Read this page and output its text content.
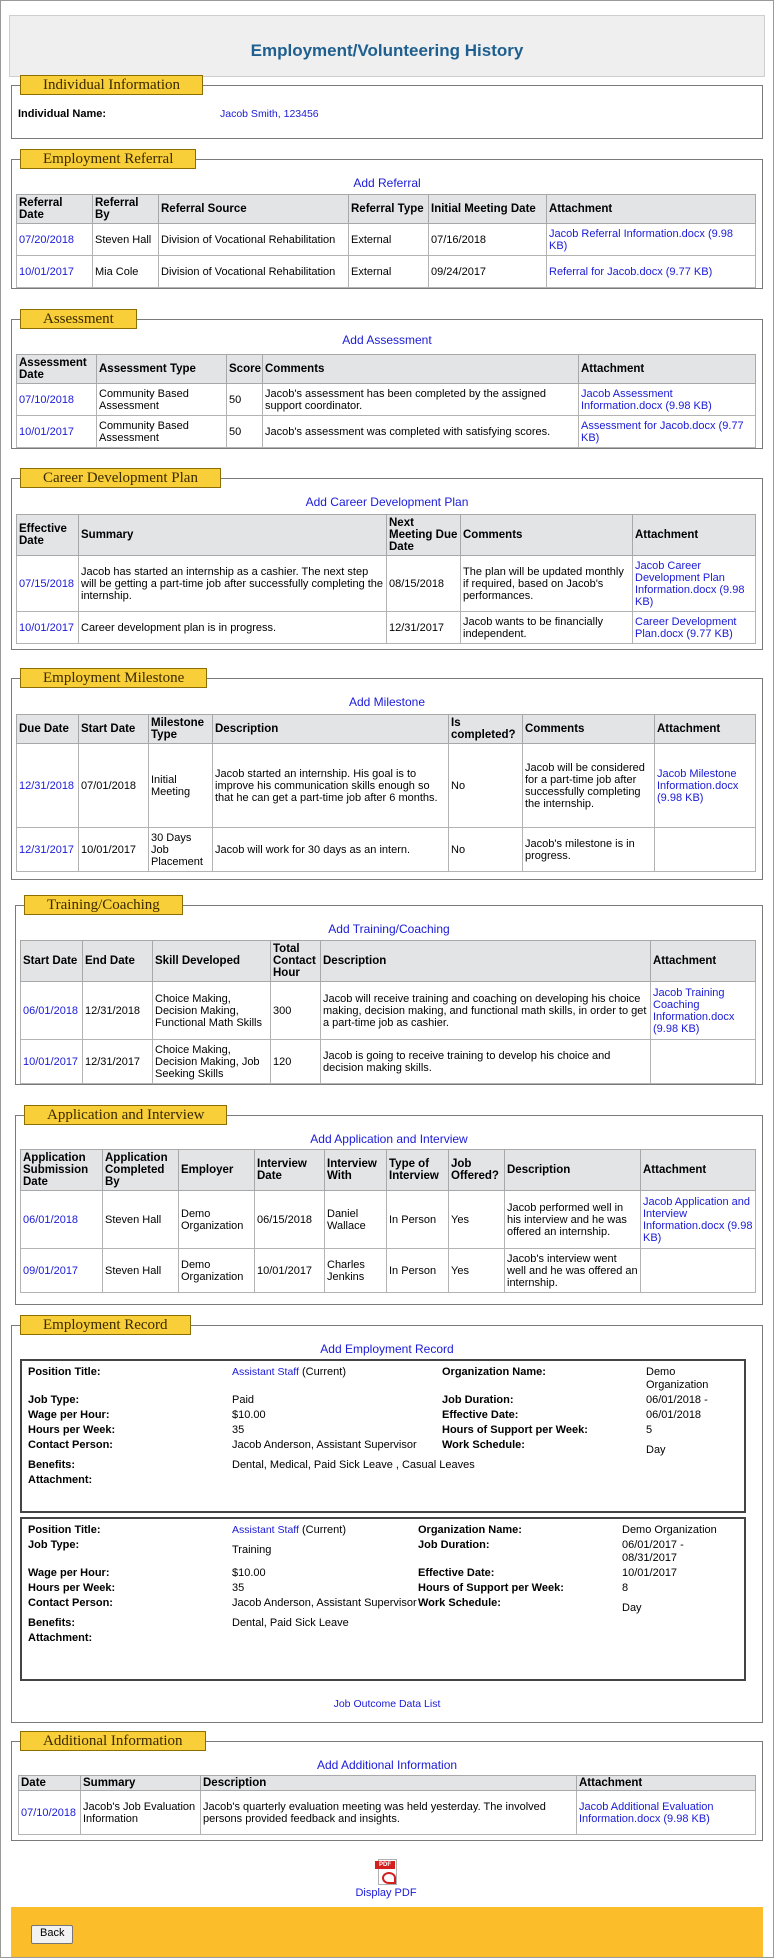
Employment/Volunteering History
Individual Information
Individual Name:	Jacob Smith, 123456
Employment Referral
Add Referral
Referral Date	Referral By	Referral Source	Referral Type	Initial Meeting Date	Attachment
07/20/2018	Steven Hall	Division of Vocational Rehabilitation	External	07/16/2018	Jacob Referral Information.docx (9.98 KB)
10/01/2017	Mia Cole	Division of Vocational Rehabilitation	External	09/24/2017	Referral for Jacob.docx (9.77 KB)
Assessment
Add Assessment
Assessment Date	Assessment Type	Score	Comments	Attachment
07/10/2018	Community Based Assessment	50	Jacob's assessment has been completed by the assigned support coordinator.	Jacob Assessment Information.docx (9.98 KB)
10/01/2017	Community Based Assessment	50	Jacob's assessment was completed with satisfying scores.	Assessment for Jacob.docx (9.77 KB)
Career Development Plan
Add Career Development Plan
Effective Date	Summary	Next Meeting Due Date	Comments	Attachment
07/15/2018	Jacob has started an internship as a cashier. The next step will be getting a part-time job after successfully completing the internship.	08/15/2018	The plan will be updated monthly if required, based on Jacob's performances.	Jacob Career Development Plan Information.docx (9.98 KB)
10/01/2017	Career development plan is in progress.	12/31/2017	Jacob wants to be financially independent.	Career Development Plan.docx (9.77 KB)
Employment Milestone
Add Milestone
Due Date	Start Date	Milestone Type	Description	Is completed?	Comments	Attachment
12/31/2018	07/01/2018	Initial Meeting	Jacob started an internship. His goal is to improve his communication skills enough so that he can get a part-time job after 6 months.	No	Jacob will be considered for a part-time job after successfully completing the internship.	Jacob Milestone Information.docx (9.98 KB)
12/31/2017	10/01/2017	30 Days Job Placement	Jacob will work for 30 days as an intern.	No	Jacob's milestone is in progress.	
Training/Coaching
Add Training/Coaching
Start Date	End Date	Skill Developed	Total Contact Hour	Description	Attachment
06/01/2018	12/31/2018	Choice Making, Decision Making, Functional Math Skills	300	Jacob will receive training and coaching on developing his choice making, decision making, and functional math skills, in order to get a part-time job as cashier.	Jacob Training Coaching Information.docx (9.98 KB)
10/01/2017	12/31/2017	Choice Making, Decision Making, Job Seeking Skills	120	Jacob is going to receive training to develop his choice and decision making skills.	
Application and Interview
Add Application and Interview
Application Submission Date	Application Completed By	Employer	Interview Date	Interview With	Type of Interview	Job Offered?	Description	Attachment
06/01/2018	Steven Hall	Demo Organization	06/15/2018	Daniel Wallace	In Person	Yes	Jacob performed well in his interview and he was offered an internship.	Jacob Application and Interview Information.docx (9.98 KB)
09/01/2017	Steven Hall	Demo Organization	10/01/2017	Charles Jenkins	In Person	Yes	Jacob's interview went well and he was offered an internship.	
Employment Record
Add Employment Record
Position Title:	Assistant Staff (Current)	Organization Name:	Demo Organization
Job Type:	Paid	Job Duration:	06/01/2018 -
Wage per Hour:	$10.00	Effective Date:	06/01/2018
Hours per Week:	35	Hours of Support per Week:	5
Contact Person:	Jacob Anderson, Assistant Supervisor	Work Schedule:	Day
Benefits:	Dental, Medical, Paid Sick Leave , Casual Leaves		
Attachment:			
Position Title:	Assistant Staff (Current)	Organization Name:	Demo Organization
Job Type:	Training	Job Duration:	06/01/2017 - 08/31/2017
Wage per Hour:	$10.00	Effective Date:	10/01/2017
Hours per Week:	35	Hours of Support per Week:	8
Contact Person:	Jacob Anderson, Assistant Supervisor	Work Schedule:	Day
Benefits:	Dental, Paid Sick Leave		
Attachment:			
Job Outcome Data List
Additional Information
Add Additional Information
Date	Summary	Description	Attachment
07/10/2018	Jacob's Job Evaluation Information	Jacob's quarterly evaluation meeting was held yesterday. The involved persons provided feedback and insights.	Jacob Additional Evaluation Information.docx (9.98 KB)
PDF
Display PDF
Back
